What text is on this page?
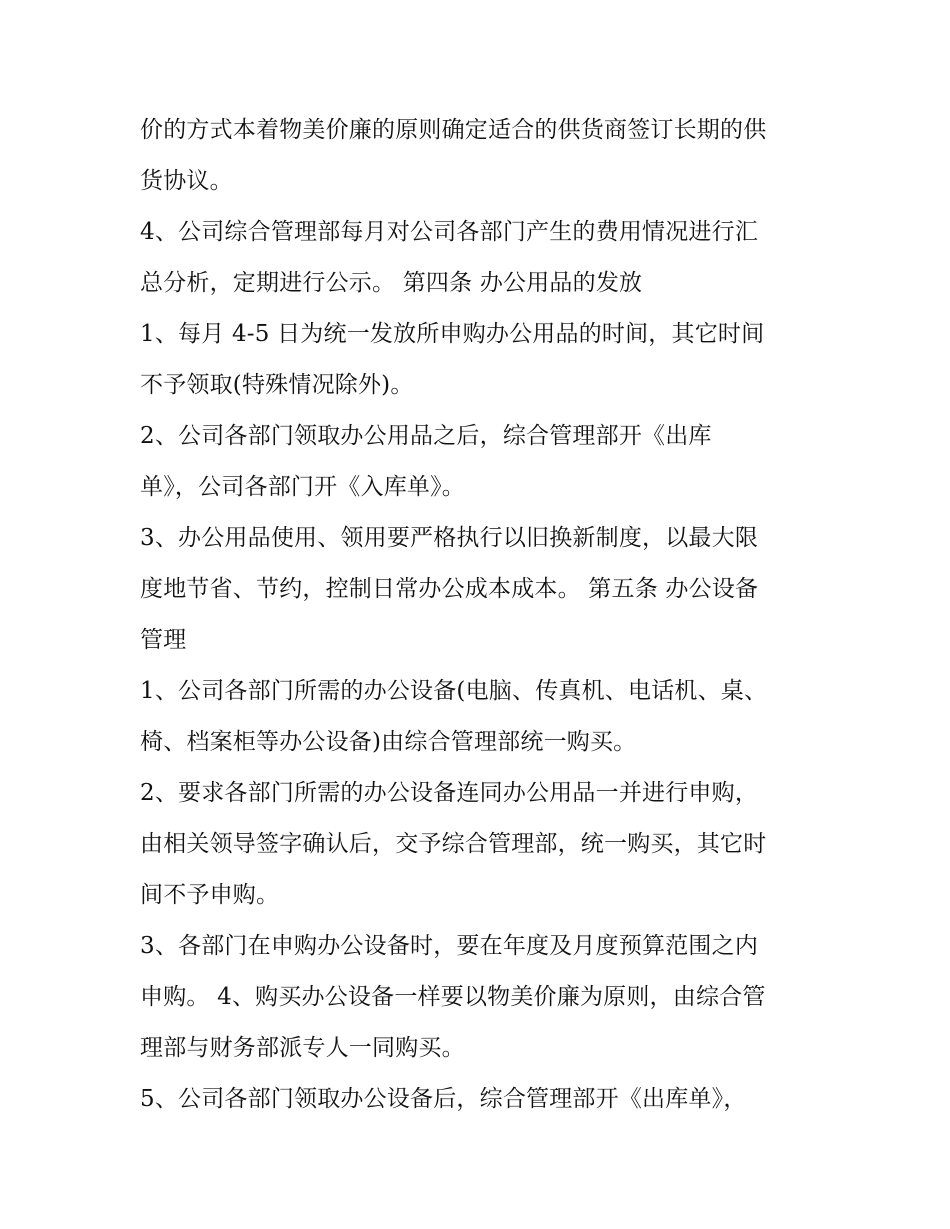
价的方式本着物美价廉的原则确定适合的供货商签订长期的供
货协议。
4、公司综合管理部每月对公司各部门产生的费用情况进行汇
总分析，定期进行公示。 第四条 办公用品的发放
1、每月 4-5 日为统一发放所申购办公用品的时间，其它时间
不予领取(特殊情况除外)。
2、公司各部门领取办公用品之后，综合管理部开《出库
单》，公司各部门开《入库单》。
3、办公用品使用、领用要严格执行以旧换新制度，以最大限
度地节省、节约，控制日常办公成本成本。 第五条 办公设备
管理
1、公司各部门所需的办公设备(电脑、传真机、电话机、桌、
椅、档案柜等办公设备)由综合管理部统一购买。
2、要求各部门所需的办公设备连同办公用品一并进行申购，
由相关领导签字确认后，交予综合管理部，统一购买，其它时
间不予申购。
3、各部门在申购办公设备时，要在年度及月度预算范围之内
申购。 4、购买办公设备一样要以物美价廉为原则，由综合管
理部与财务部派专人一同购买。
5、公司各部门领取办公设备后，综合管理部开《出库单》，
